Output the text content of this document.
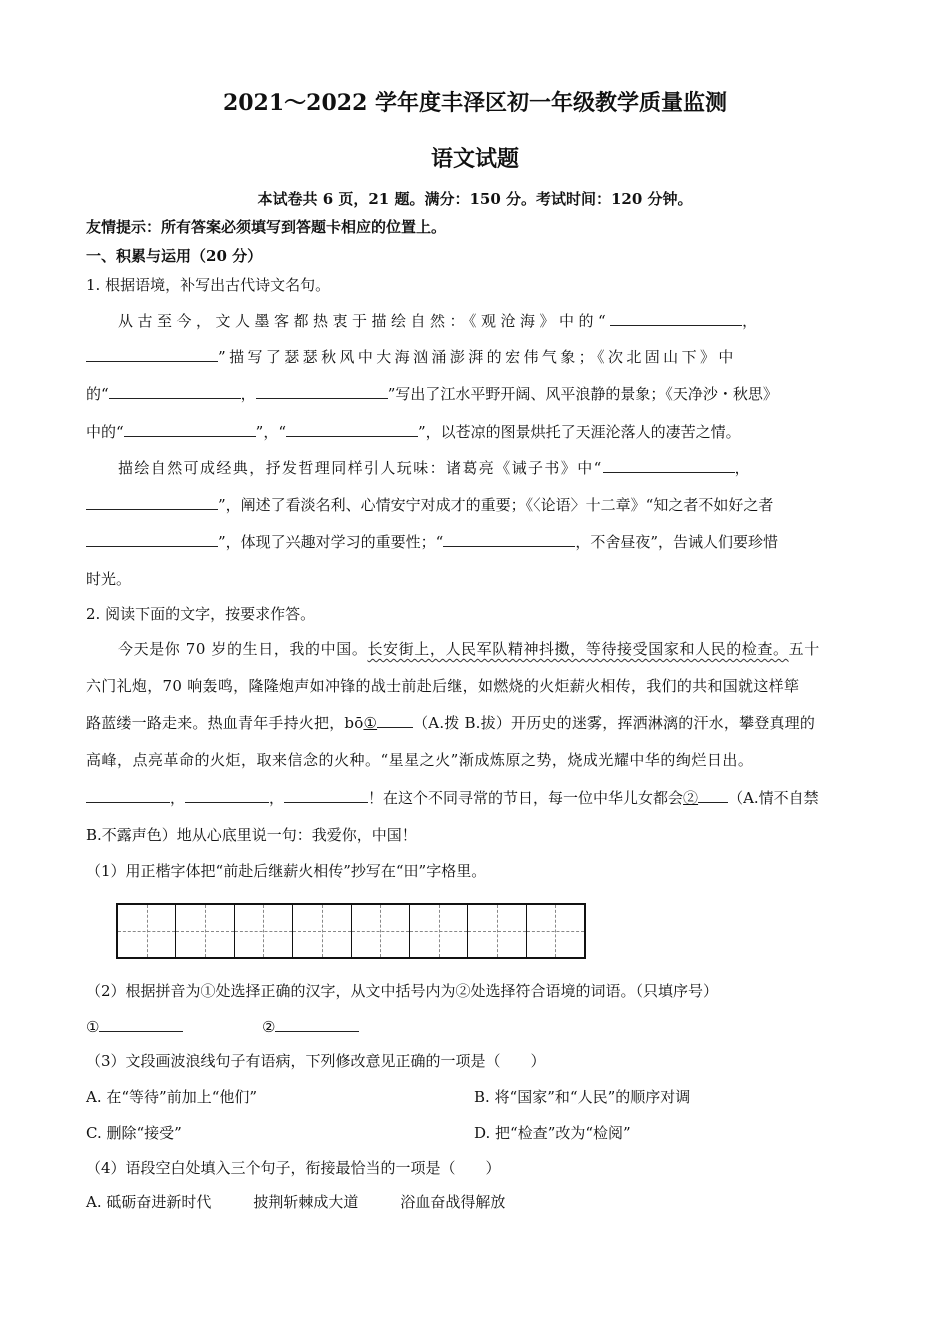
2021～2022 学年度丰泽区初一年级教学质量监测
语文试题
本试卷共 6 页，21 题。满分：150 分。考试时间：120 分钟。
友情提示：所有答案必须填写到答题卡相应的位置上。
一、积累与运用（20 分）
1. 根据语境，补写出古代诗文名句。
从古至今，文人墨客都热衷于描绘自然：《观沧海》中的“	，
”描写了瑟瑟秋风中大海汹涌澎湃的宏伟气象；《次北固山下》中
的“	，	”写出了江水平野开阔、风平浪静的景象；《天净沙・秋思》
中的“	”，“	”，以苍凉的图景烘托了天涯沦落人的凄苦之情。
描绘自然可成经典，抒发哲理同样引人玩味：诸葛亮《诫子书》中“	，
”，阐述了看淡名利、心情安宁对成才的重要；《〈论语〉十二章》“知之者不如好之者
”，体现了兴趣对学习的重要性；“	，不舍昼夜”，告诫人们要珍惜
时光。
2. 阅读下面的文字，按要求作答。
今天是你 70 岁的生日，我的中国。长安街上，人民军队精神抖擞，等待接受国家和人民的检查。五十
六门礼炮，70 响轰鸣，隆隆炮声如冲锋的战士前赴后继，如燃烧的火炬薪火相传，我们的共和国就这样筚
路蓝缕一路走来。热血青年手持火把，bō① （A.拨 B.拔）开历史的迷雾，挥洒淋漓的汗水，攀登真理的
高峰，点亮革命的火炬，取来信念的火种。“星星之火”渐成炼原之势，烧成光耀中华的绚烂日出。
，	，	！在这个不同寻常的节日，每一位中华儿女都会② （A.情不自禁
B.不露声色）地从心底里说一句：我爱你，中国！
（1）用正楷字体把“前赴后继薪火相传”抄写在“田”字格里。
（2）根据拼音为①处选择正确的汉字，从文中括号内为②处选择符合语境的词语。（只填序号）
①	②
（3）文段画波浪线句子有语病，下列修改意见正确的一项是（　　）
A. 在“等待”前加上“他们”	B. 将“国家”和“人民”的顺序对调
C. 删除“接受”	D. 把“检查”改为“检阅”
（4）语段空白处填入三个句子，衔接最恰当的一项是（　　）
A. 砥砺奋进新时代	披荆斩棘成大道	浴血奋战得解放
